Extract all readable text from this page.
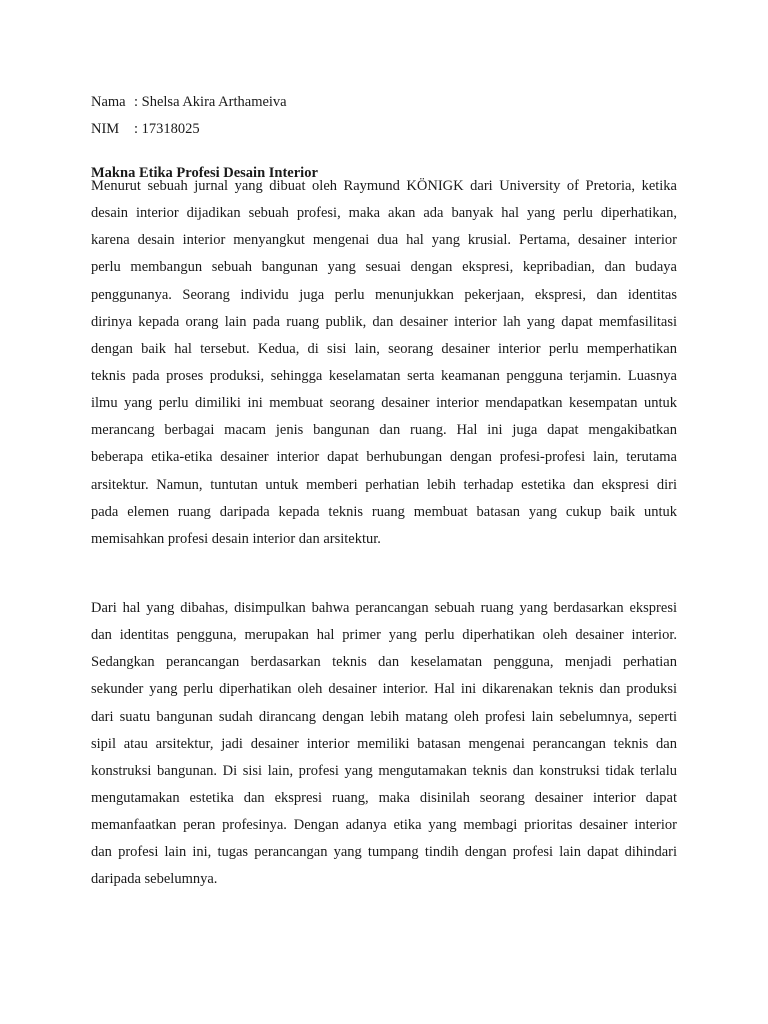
Nama : Shelsa Akira Arthameiva
NIM : 17318025
Makna Etika Profesi Desain Interior
Menurut sebuah jurnal yang dibuat oleh Raymund KÖNIGK dari University of Pretoria, ketika
desain interior dijadikan sebuah profesi, maka akan ada banyak hal yang perlu diperhatikan,
karena desain interior menyangkut mengenai dua hal yang krusial. Pertama, desainer interior
perlu membangun sebuah bangunan yang sesuai dengan ekspresi, kepribadian, dan budaya
penggunanya. Seorang individu juga perlu menunjukkan pekerjaan, ekspresi, dan identitas
dirinya kepada orang lain pada ruang publik, dan desainer interior lah yang dapat memfasilitasi
dengan baik hal tersebut. Kedua, di sisi lain, seorang desainer interior perlu memperhatikan
teknis pada proses produksi, sehingga keselamatan serta keamanan pengguna terjamin. Luasnya
ilmu yang perlu dimiliki ini membuat seorang desainer interior mendapatkan kesempatan untuk
merancang berbagai macam jenis bangunan dan ruang. Hal ini juga dapat mengakibatkan
beberapa etika-etika desainer interior dapat berhubungan dengan profesi-profesi lain, terutama
arsitektur. Namun, tuntutan untuk memberi perhatian lebih terhadap estetika dan ekspresi diri
pada elemen ruang daripada kepada teknis ruang membuat batasan yang cukup baik untuk
memisahkan profesi desain interior dan arsitektur.
Dari hal yang dibahas, disimpulkan bahwa perancangan sebuah ruang yang berdasarkan ekspresi
dan identitas pengguna, merupakan hal primer yang perlu diperhatikan oleh desainer interior.
Sedangkan perancangan berdasarkan teknis dan keselamatan pengguna, menjadi perhatian
sekunder yang perlu diperhatikan oleh desainer interior. Hal ini dikarenakan teknis dan produksi
dari suatu bangunan sudah dirancang dengan lebih matang oleh profesi lain sebelumnya, seperti
sipil atau arsitektur, jadi desainer interior memiliki batasan mengenai perancangan teknis dan
konstruksi bangunan. Di sisi lain, profesi yang mengutamakan teknis dan konstruksi tidak terlalu
mengutamakan estetika dan ekspresi ruang, maka disinilah seorang desainer interior dapat
memanfaatkan peran profesinya. Dengan adanya etika yang membagi prioritas desainer interior
dan profesi lain ini, tugas perancangan yang tumpang tindih dengan profesi lain dapat dihindari
daripada sebelumnya.
